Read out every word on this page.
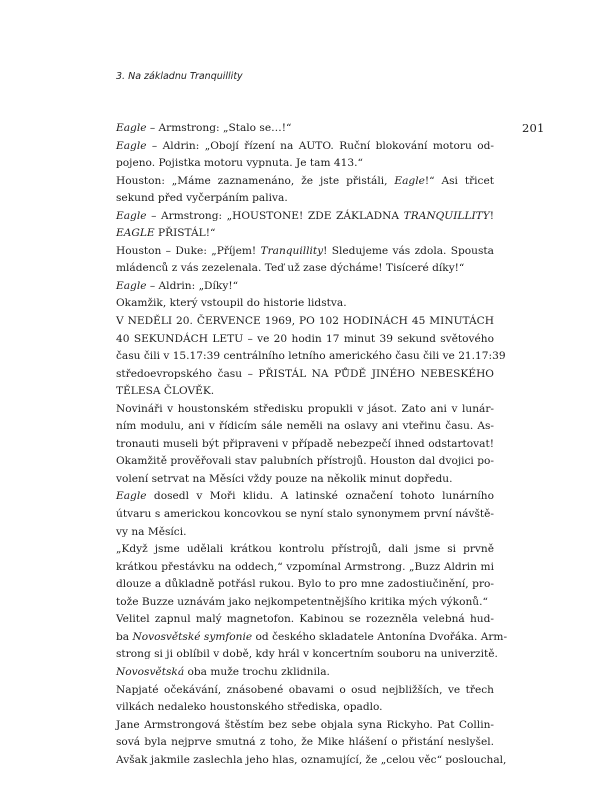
3. Na základnu Tranquillity
201
Eagle – Armstrong: „Stalo se…!“
Eagle – Aldrin: „Obojí řízení na AUTO. Ruční blokování motoru od-
pojeno. Pojistka motoru vypnuta. Je tam 413.“
Houston: „Máme zaznamenáno, že jste přistáli, Eagle!“ Asi třicet
sekund před vyčerpáním paliva.
Eagle – Armstrong: „HOUSTONE! ZDE ZÁKLADNA TRANQUILLITY!
EAGLE PŘISTÁL!“
Houston – Duke: „Příjem! Tranquillity! Sledujeme vás zdola. Spousta
mládenců z vás zezelenala. Teď už zase dýcháme! Tisíceré díky!“
Eagle – Aldrin: „Díky!“
Okamžik, který vstoupil do historie lidstva.
V NEDĚLI 20. ČERVENCE 1969, PO 102 HODINÁCH 45 MINUTÁCH
40 SEKUNDÁCH LETU – ve 20 hodin 17 minut 39 sekund světového
času čili v 15.17:39 centrálního letního amerického času čili ve 21.17:39
středoevropského času – PŘISTÁL NA PŮDĚ JINÉHO NEBESKÉHO
TĚLESA ČLOVĚK.
Novináři v houstonském středisku propukli v jásot. Zato ani v lunár-
ním modulu, ani v řídicím sále neměli na oslavy ani vteřinu času. As-
tronauti museli být připraveni v případě nebezpečí ihned odstartovat!
Okamžitě prověřovali stav palubních přístrojů. Houston dal dvojici po-
volení setrvat na Měsíci vždy pouze na několik minut dopředu.
Eagle dosedl v Moři klidu. A latinské označení tohoto lunárního
útvaru s americkou koncovkou se nyní stalo synonymem první návště-
vy na Měsíci.
„Když jsme udělali krátkou kontrolu přístrojů, dali jsme si prvně
krátkou přestávku na oddech,“ vzpomínal Armstrong. „Buzz Aldrin mi
dlouze a důkladně potřásl rukou. Bylo to pro mne zadostiučinění, pro-
tože Buzze uznávám jako nejkompetentnějšího kritika mých výkonů.“
Velitel zapnul malý magnetofon. Kabinou se rozezněla velebná hud-
ba Novosvětské symfonie od českého skladatele Antonína Dvořáka. Arm-
strong si ji oblíbil v době, kdy hrál v koncertním souboru na univerzitě.
Novosvětská oba muže trochu zklidnila.
Napjaté očekávání, znásobené obavami o osud nejbližších, ve třech
vilkách nedaleko houstonského střediska, opadlo.
Jane Armstrongová štěstím bez sebe objala syna Rickyho. Pat Collin-
sová byla nejprve smutná z toho, že Mike hlášení o přistání neslyšel.
Avšak jakmile zaslechla jeho hlas, oznamující, že „celou věc“ poslouchal,
